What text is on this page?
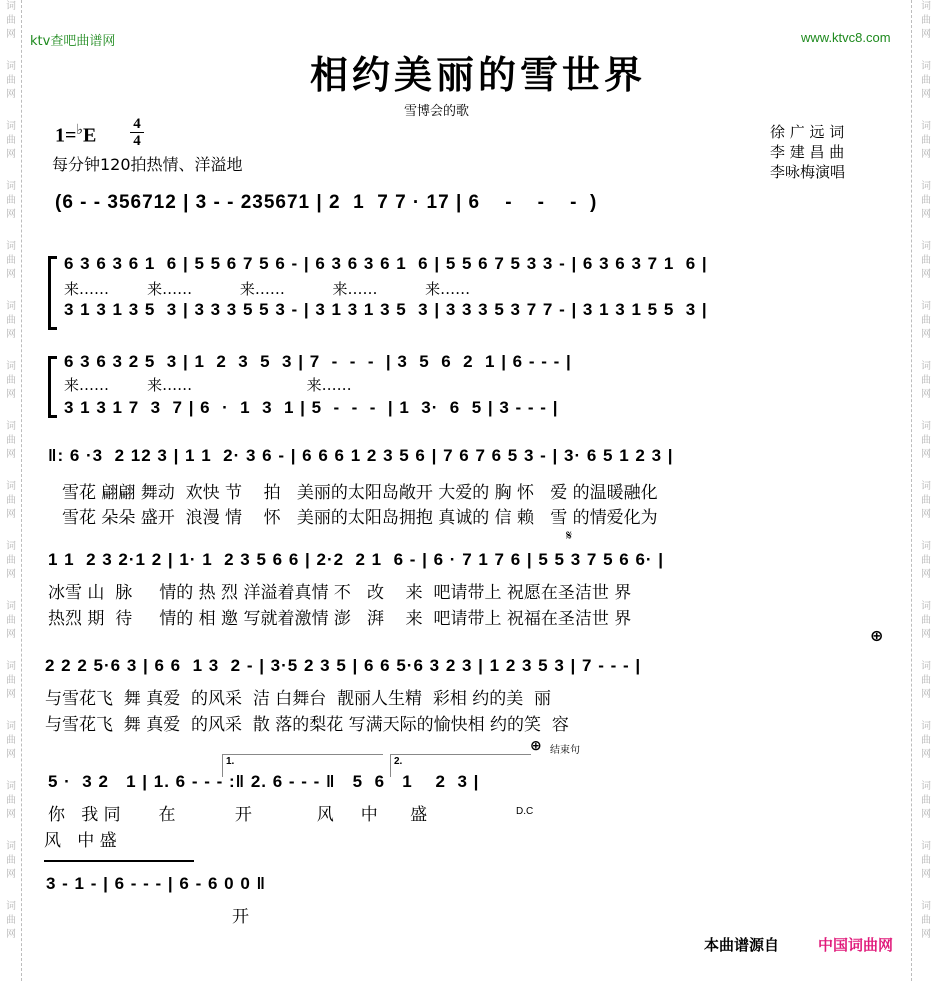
词
曲
网
词
曲
网
词
曲
网
词
曲
网
词
曲
网
词
曲
网
词
曲
网
词
曲
网
词
曲
网
词
曲
网
词
曲
网
词
曲
网
词
曲
网
词
曲
网
词
曲
网
词
曲
网
词
曲
网
词
曲
网
词
曲
网
词
曲
网
词
曲
网
词
曲
网
词
曲
网
词
曲
网
词
曲
网
词
曲
网
词
曲
网
词
曲
网
词
曲
网
词
曲
网
词
曲
网
词
曲
网
ktv查吧曲谱网	www.ktvc8.com
相约美丽的雪世界
雪博会的歌
1=♭E
4
4
每分钟120拍热情、洋溢地
徐 广 远 词
李 建 昌 曲
李咏梅演唱
(6 - - 356712 | 3 - - 235671 | 2  1  7 7 · 17 | 6    -    -    -  )
6 3 6 3 6 1  6 | 5 5 6 7 5 6 - | 6 3 6 3 6 1  6 | 5 5 6 7 5 3 3 - | 6 3 6 3 7 1  6 |
来……        来……          来……          来……          来……
3 1 3 1 3 5  3 | 3 3 3 5 5 3 - | 3 1 3 1 3 5  3 | 3 3 3 5 3 7 7 - | 3 1 3 1 5 5  3 |
6 3 6 3 2 5  3 | 1  2  3  5  3 | 7  -  -  -  | 3  5  6  2  1 | 6 - - - |
来……        来……                        来……
3 1 3 1 7  3  7 | 6  ·  1  3  1 | 5  -  -  -  | 1  3·  6  5 | 3 - - - |
‖: 6 ·3  2 12 3 | 1 1  2· 3 6 - | 6 6 6 1 2 3 5 6 | 7 6 7 6 5 3 - | 3· 6 5 1 2 3 |
雪花 翩翩 舞动  欢快 节    拍   美丽的太阳岛敞开 大爱的 胸 怀   爱 的温暖融化
雪花 朵朵 盛开  浪漫 情    怀   美丽的太阳岛拥抱 真诚的 信 赖   雪 的情爱化为
1 1  2 3 2·1 2 | 1· 1  2 3 5 6 6 | 2·2  2 1  6 - | 6 · 7 1 7 6 | 5 5 3 7 5 6 6· |
冰雪 山  脉     情的 热 烈 洋溢着真情 不   改    来  吧请带上 祝愿在圣洁世 界
热烈 期  待     情的 相 邀 写就着激情 澎   湃    来  吧请带上 祝福在圣洁世 界
𝄋
⊕
2 2 2 5·6 3 | 6 6  1 3  2 - | 3·5 2 3 5 | 6 6 5·6 3 2 3 | 1 2 3 5 3 | 7 - - - |
与雪花飞  舞 真爱  的风采  洁 白舞台  靓丽人生精  彩相 约的美  丽
与雪花飞  舞 真爱  的风采  散 落的梨花 写满天际的愉快相 约的笑  容
⊕ 结束句
1.	2.
5 ·  3 2   1 | 1. 6 - - - :‖ 2. 6 - - - ‖   5  6   1    2  3 |
D.C
你   我 同       在           开            风     中      盛
风   中 盛
3 - 1 - | 6 - - - | 6 - 6 0 0 ‖
开
本曲谱源自	中国词曲网
